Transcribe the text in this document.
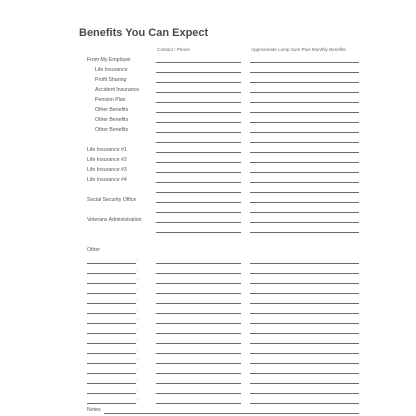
Benefits You Can Expect
Contact / Phone	Approximate Lump Sum Plus Monthly Benefits
From My Employer
Life Insurance
Profit Sharing
Accident Insurance
Pension Plan
Other Benefits
Other Benefits
Other Benefits
Life Insurance #1
Life Insurance #2
Life Insurance #3
Life Insurance #4
Social Security Office
Veterans Administration
Other
:
:
:
:
:
:
:
:
:
:
:
:
:
:
:
Notes
